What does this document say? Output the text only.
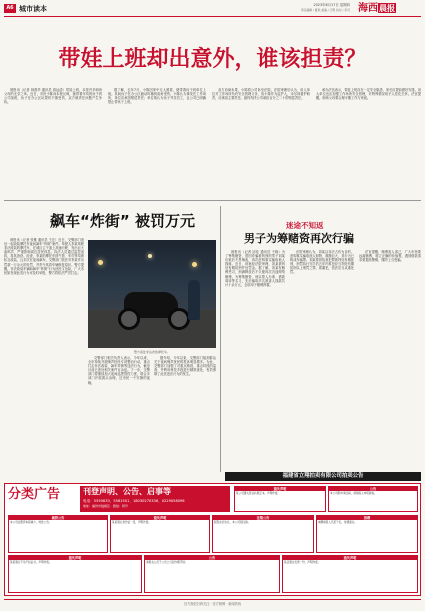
A6 城市读本	2023年8月17日 星期四
责任编辑 / 夏秋 美编 / 王明 校对 / 李可 海西晨报
带娃上班却出意外，谁该担责？

晨报讯（记者 林燕华 通讯员 周远清）带娃上班，本是许多职场父母的无奈之举。近日，市民小陈向本报反映，她带着年幼的孩子到公司加班，孩子在办公区玩耍时不慎受伤，双方就责任问题产生争执。

据了解，去年7月，小陈因家中无人照看，便带着孩子到单位上班。其间孩子在办公区跑动时撞到桌角受伤。小陈认为事发在工作场所，单位应承担赔偿责任；单位则认为孩子并非员工，且公司已明确禁止带孩子上班。

双方协商未果，小陈将公司诉至法院。法院审理后认为，用人单位对工作场所负有安全管理义务，但小陈作为监护人，未尽到看护职责，应承担主要责任。最终判决公司承担百分之二十的赔偿责任。

承办法官表示，带娃上班存在一定安全隐患，家长应提前做好安排。用人单位也应加强工作场所安全管理，对特殊情况给予人性化关怀。法官提醒，职场父母要合理平衡工作与家庭。

飙车“炸街” 被罚万元

晨报讯（记者 张雅 通讯员 王宏）近日，交警部门查处一起改装摩托车夜间飙车“炸街”案件。驾驶人李某驾驶非法改装的摩托车，在城区主干道上高速行驶，发出巨大轰鸣声，严重影响周边居民休息。执法人员通过监控追踪，将其查获。经查，李某的摩托车排气管、车灯等均被私自改装，且多次在夜间飙车。交警部门依法对李某作出罚款一万余元的处罚，并责令其将车辆恢复原状。警方提醒，非法改装车辆和飙车“炸街”行为扰民又危险，广大市民如发现此类行为可及时举报，警方将依法严厉打击。

警方查处非法改装摩托车。

交警部门相关负责人表示，今年以来，全市持续开展噪声扰民专项整治行动，重点打击非法改装、飙车炸街等违法行为，截至目前已查处相关案件百余起。下一步，交警部门将继续加大夜间巡逻管控力度，联合多部门开展源头治理，还市民一个安静的夜晚。

据介绍，今年以来，交警部门接到群众关于夜间噪声扰民的投诉明显增多。为此，交警部门加强了对重点路段、重点时段的巡查，并利用科技手段进行精准查处，有效遏制了此类违法行为的发生。

迷途不知返
男子为筹赌资再次行骗

晨报讯（记者 邱佳 通讯员 于晓）为了筹集赌资，曾因诈骗被判刑的男子刘某出狱后不思悔改，再次虚构事实骗取他人钱财。近日，该案经法院审理，刘某被判处有期徒刑并处罚金。据了解，刘某有赌博恶习，刑满释放后不久便再次沉迷网络赌博。为筹集赌资，他以帮人办事、借款周转等名义，先后骗取多名被害人钱款共计十余万元，全部用于赌博挥霍。

法院审理认为，刘某以非法占有为目的，虚构事实骗取他人财物，数额巨大，其行为已构成诈骗罪。刘某曾因故意犯罪被判处有期徒刑，刑罚执行完毕后五年内再犯应当判处有期徒刑以上刑罚之罪，系累犯，依法应当从重处罚。

法官提醒，赌博害人害己，广大市民要远离赌博，树立正确的价值观，遇到借款请求要提高警惕，谨防上当受骗。

福建省立翔拍卖有限公司拍卖公告
分类广告	刊登声明、公告、启事等
电话：5550633、5581501、18030270336、0229058096
地址：福州市鼓楼区 · 微信：同号
遗失声明
某公司遗失营业执照正本，声明作废。
公告
本公司拟申请注销，请债权人申报债权。
减资公告
本公司注册资本拟减少，特此公告。
遗失声明
某某遗失身份证一张，声明作废。
注销公告
经股东会决议，本公司拟注销。
招聘
诚聘销售人员若干名，待遇面议。
遗失声明
某某遗失不动产权证书，声明作废。
公告
请相关人员于公告之日起办理手续。
遗失声明
某店遗失发票一份，声明作废。
官方微信扫码关注 · 官方微博 · 新闻热线
